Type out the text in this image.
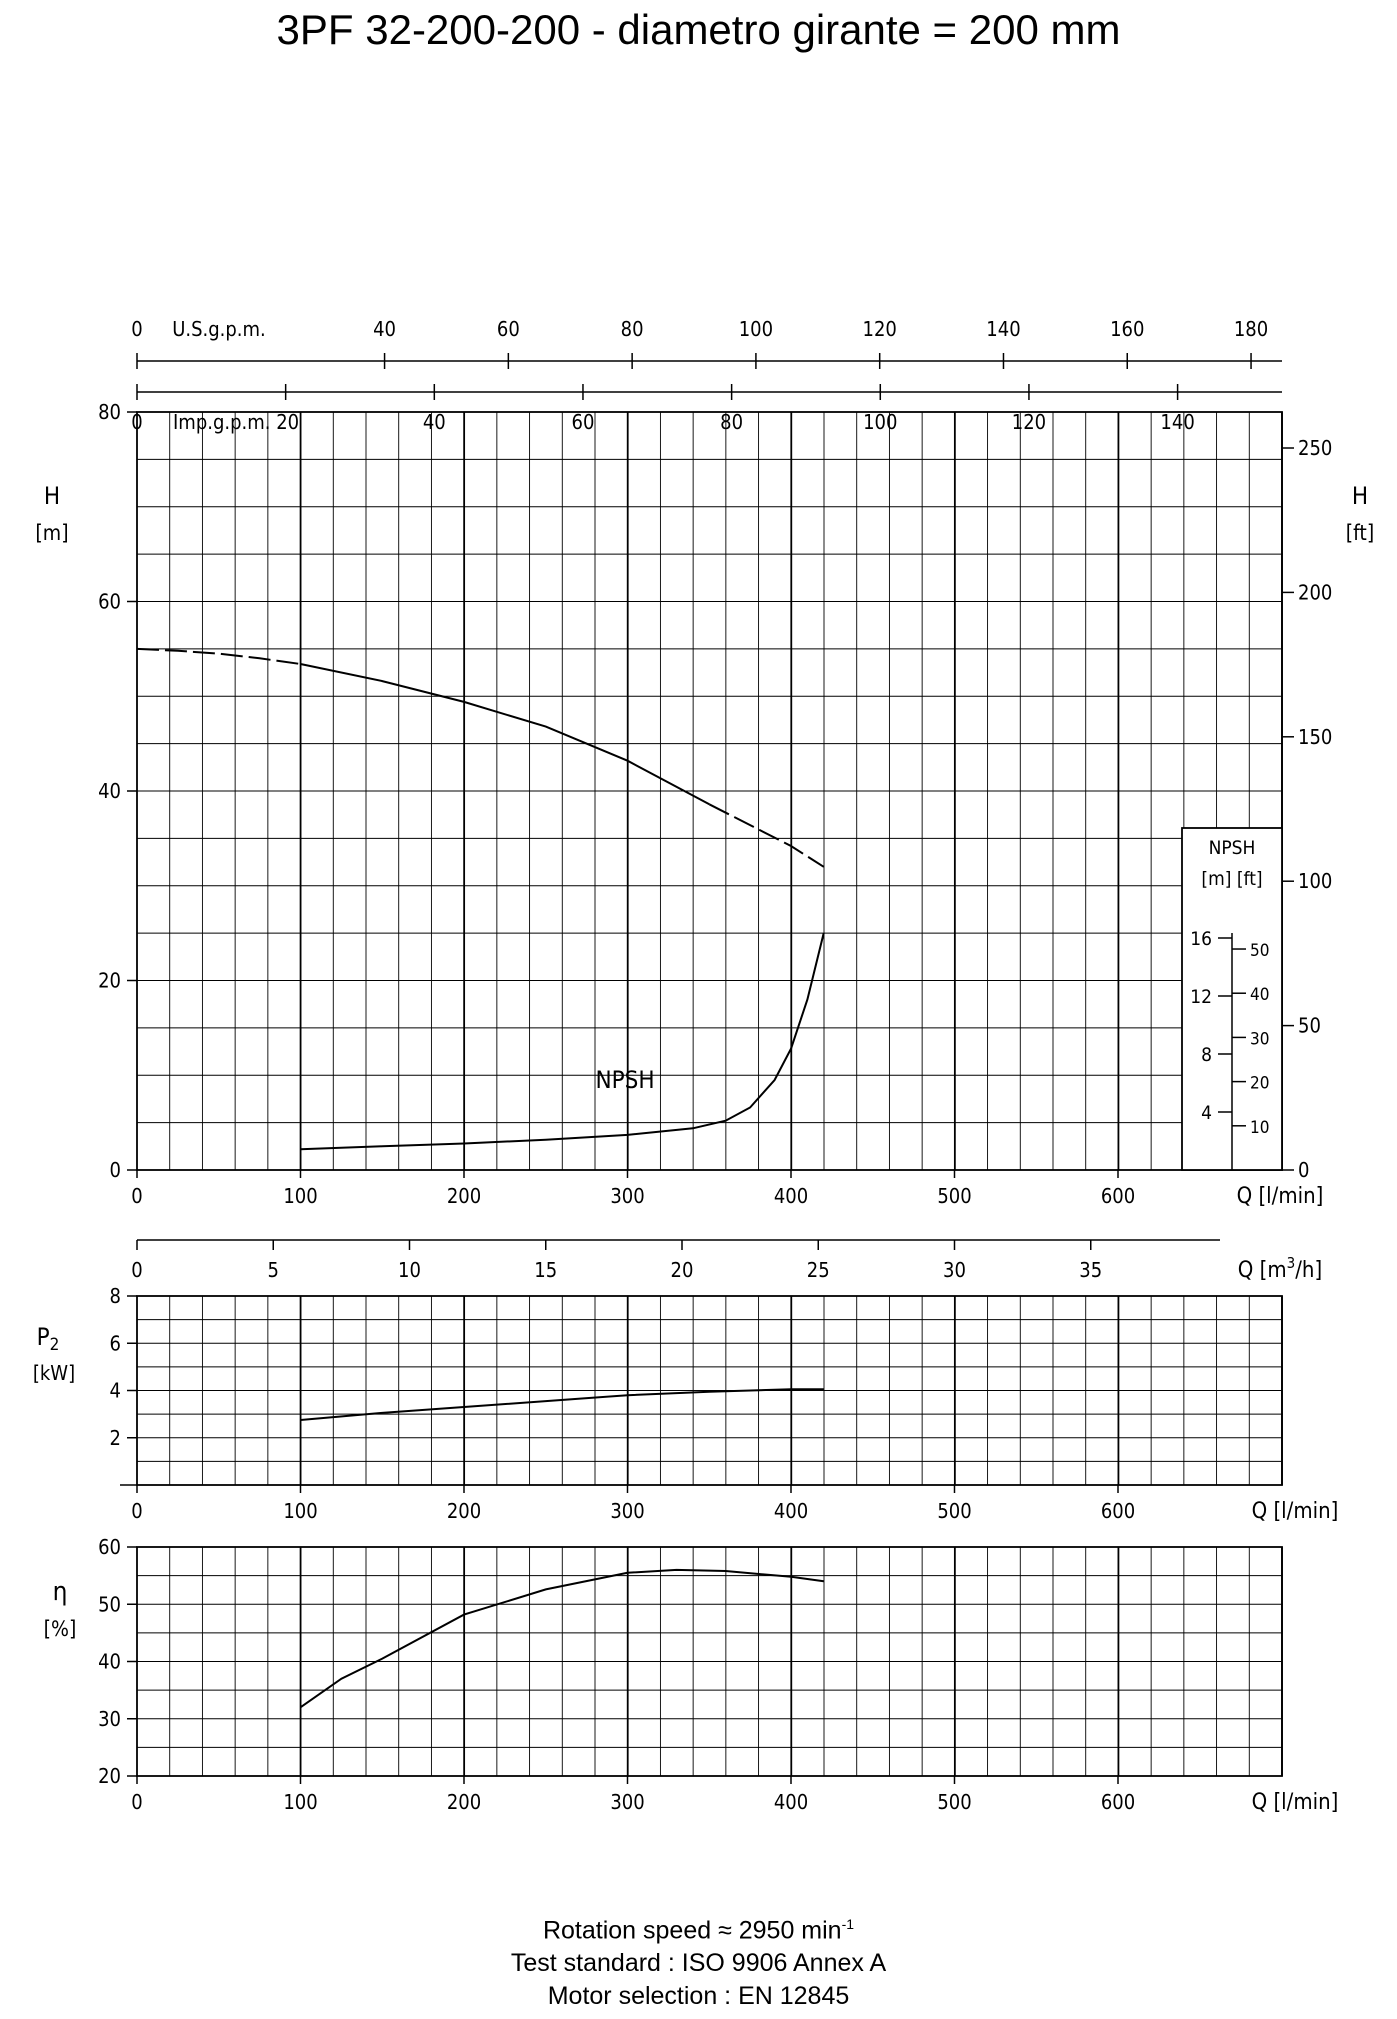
3PF 32-200-200 - diametro girante = 200 mm
0
20
40
60
80
H
[m]
H
[ft]
0
50
100
150
200
250
0	100	200	300	400	500	600	Q [l/min]
0	40	60	80	100	120	140	160	180
U.S.g.p.m.
0	40	60	80	100	120	140
Imp.g.p.m. 20
0	5	10	15	20	25	30	35	Q $[m^3/h]$
NPSH
[m] [ft]
4
8
12
16
10
20
30
40
50
NPSH
2
4
6
8
$P_2$
[kW]
0	100	200	300	400	500	600	Q [l/min]
20
30
40
50
60
η
[%]
0	100	200	300	400	500	600	Q [l/min]
Rotation speed ≈ 2950 $\min^{-1}$
Test standard : ISO 9906 Annex A
Motor selection : EN 12845
